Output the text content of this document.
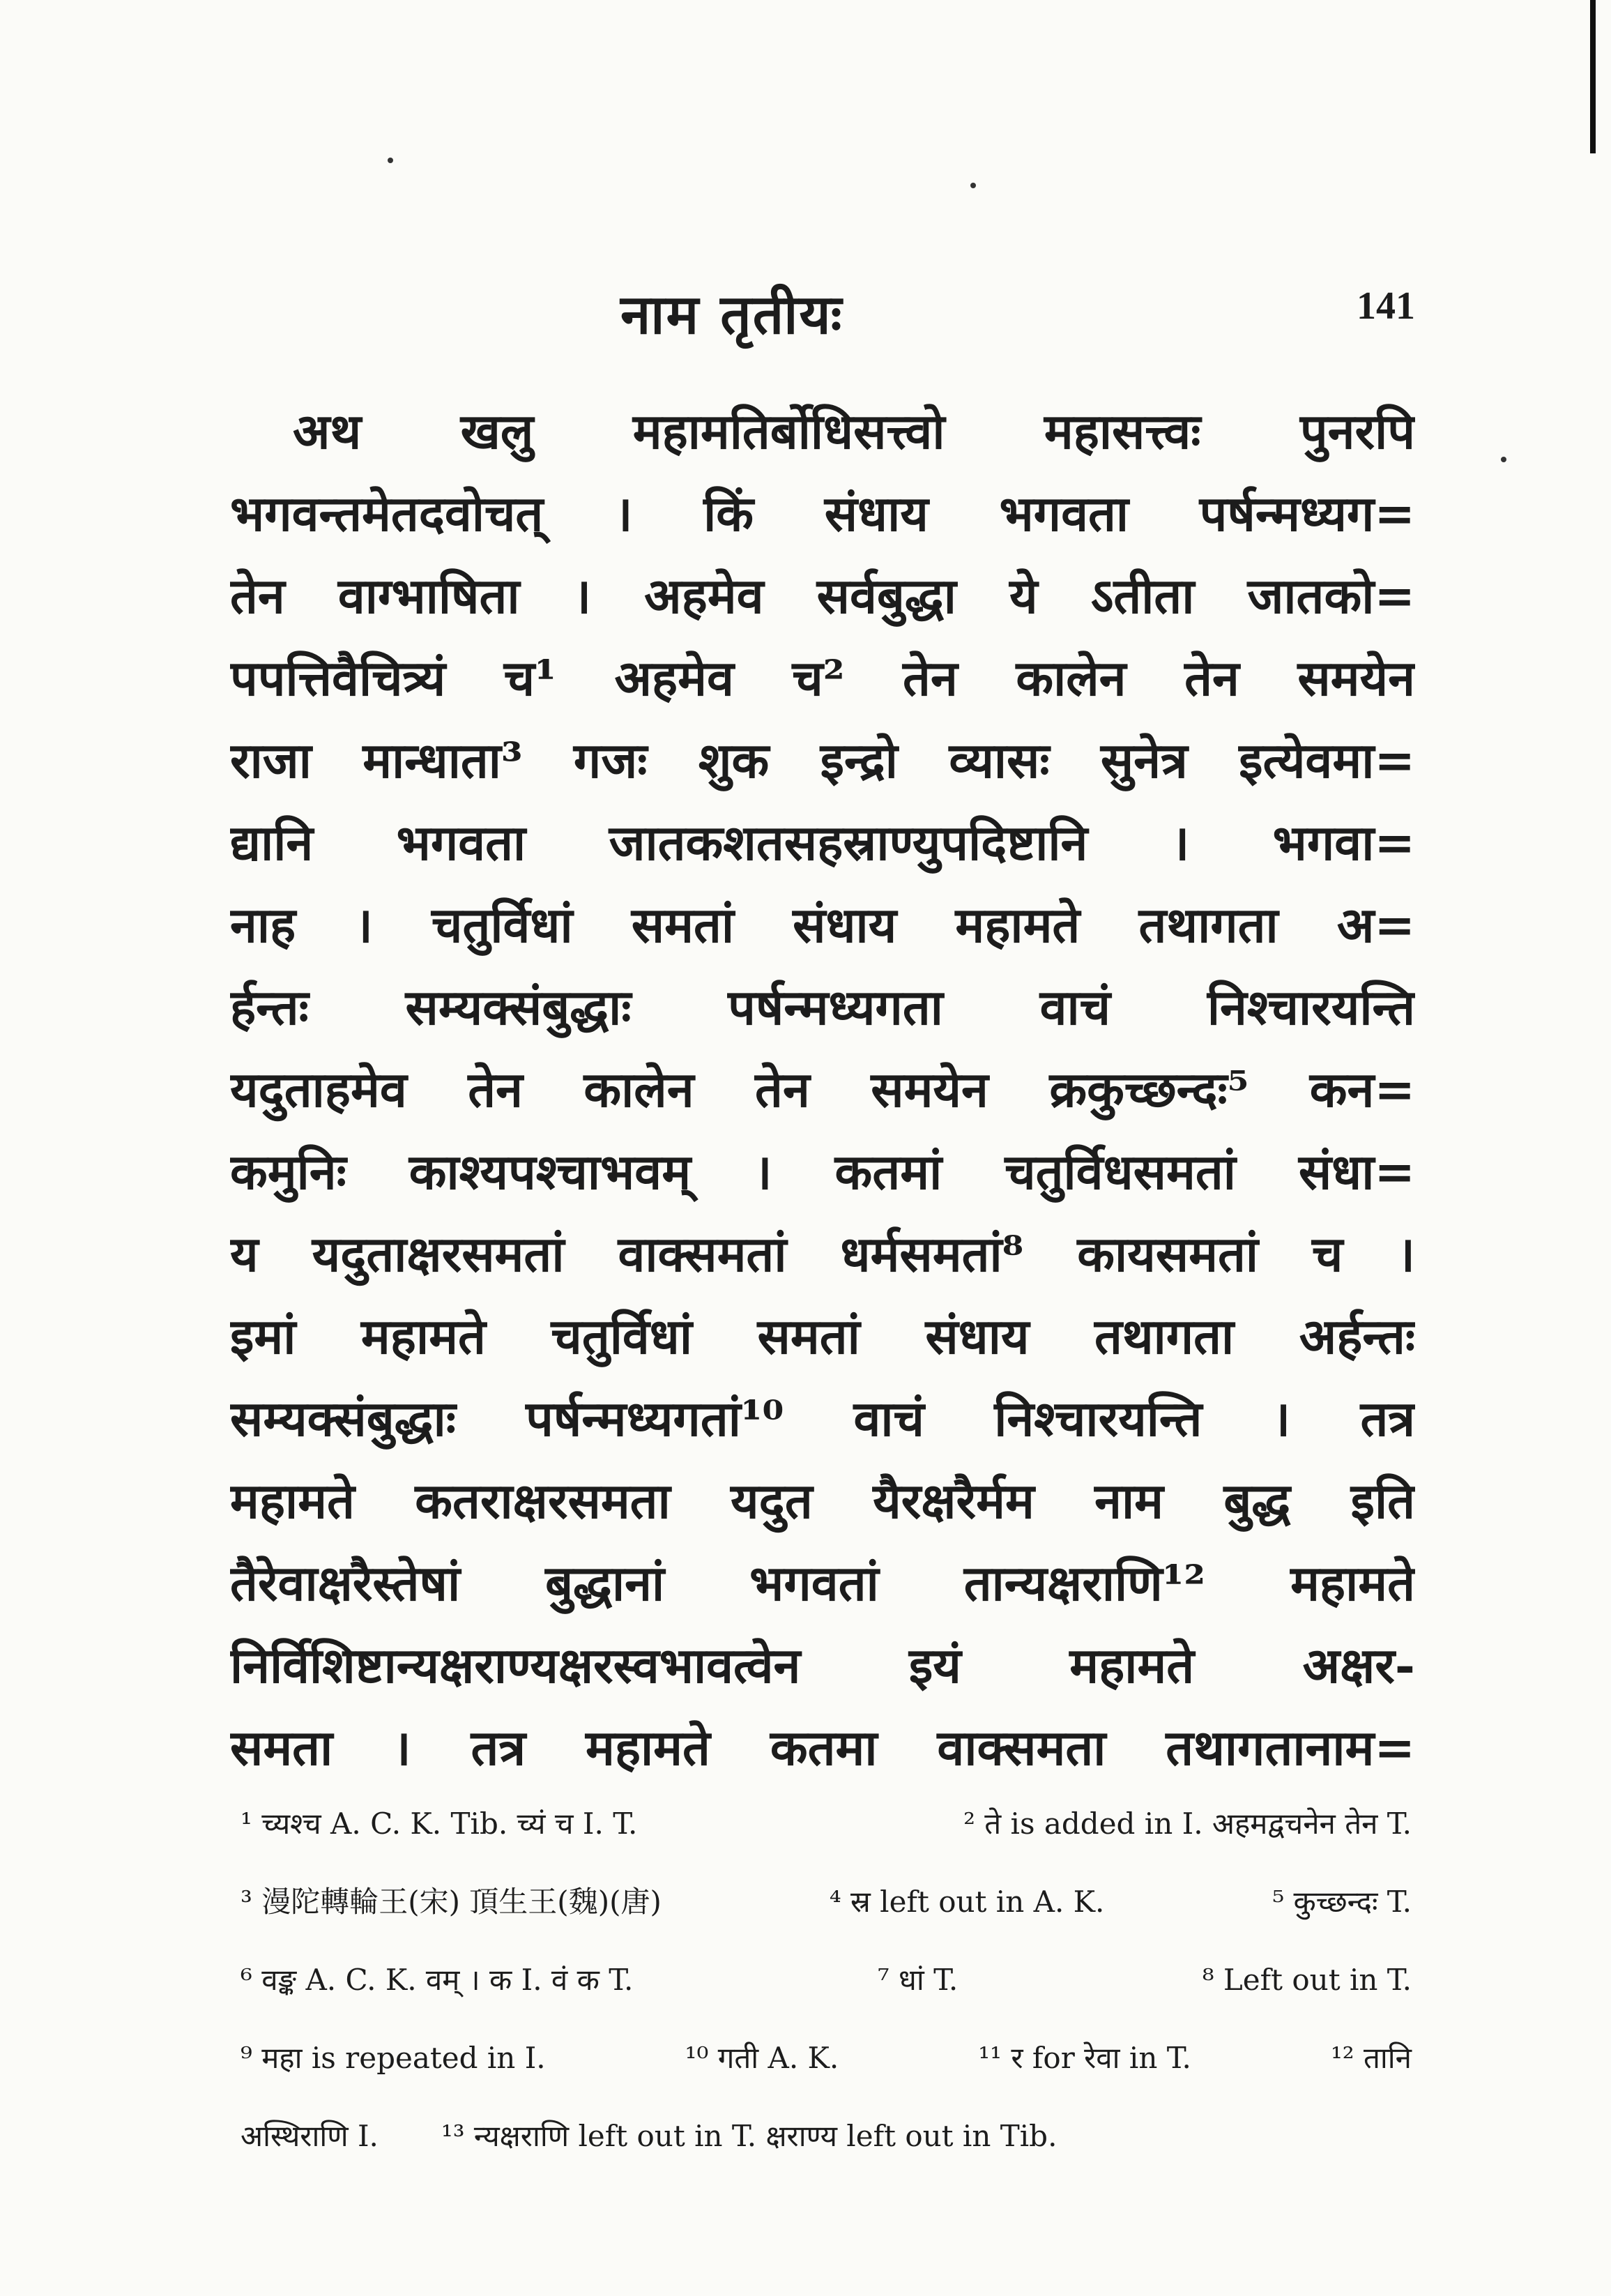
नाम तृतीयः	141
अथ खलु महामतिर्बोधिसत्त्वो महासत्त्वः पुनरपि
भगवन्तमेतदवोचत् । किं संधाय भगवता पर्षन्मध्यग=
तेन वाग्भाषिता । अहमेव सर्वबुद्धा ये ऽतीता जातको=
पपत्तिवैचित्र्यं च¹ अहमेव च² तेन कालेन तेन समयेन
राजा मान्धाता³ गजः शुक इन्द्रो व्यासः सुनेत्र इत्येवमा=
द्यानि भगवता जातकशतसहस्राण्युपदिष्टानि । भगवा=
नाह । चतुर्विधां समतां संधाय महामते तथागता अ=
र्हन्तः सम्यक्संबुद्धाः पर्षन्मध्यगता वाचं निश्चारयन्ति
यदुताहमेव तेन कालेन तेन समयेन क्रकुच्छन्दः⁵ कन=
कमुनिः काश्यपश्चाभवम् । कतमां चतुर्विधसमतां संधा=
य यदुताक्षरसमतां वाक्समतां धर्मसमतां⁸ कायसमतां च ।
इमां महामते चतुर्विधां समतां संधाय तथागता अर्हन्तः
सम्यक्संबुद्धाः पर्षन्मध्यगतां¹⁰ वाचं निश्चारयन्ति । तत्र
महामते कतराक्षरसमता यदुत यैरक्षरैर्मम नाम बुद्ध इति
तैरेवाक्षरैस्तेषां बुद्धानां भगवतां तान्यक्षराणि¹² महामते
निर्विशिष्टान्यक्षराण्यक्षरस्वभावत्वेन इयं महामते अक्षर-
समता । तत्र महामते कतमा वाक्समता तथागतानाम=
¹ च्यश्च A. C. K. Tib. च्यं च I. T.	² ते is added in I. अहमद्वचनेन तेन T.
³ 漫陀轉輪王(宋) 頂生王(魏)(唐)	⁴ स्र left out in A. K.	⁵ कुच्छन्दः T.
⁶ वङ्क A. C. K. वम् । क I. वं क T.	⁷ धां T.	⁸ Left out in T.
⁹ महा is repeated in I.	¹⁰ गती A. K.	¹¹ र for रेवा in T.	¹² तानि
अस्थिराणि I. ¹³ न्यक्षराणि left out in T. क्षराण्य left out in Tib.
